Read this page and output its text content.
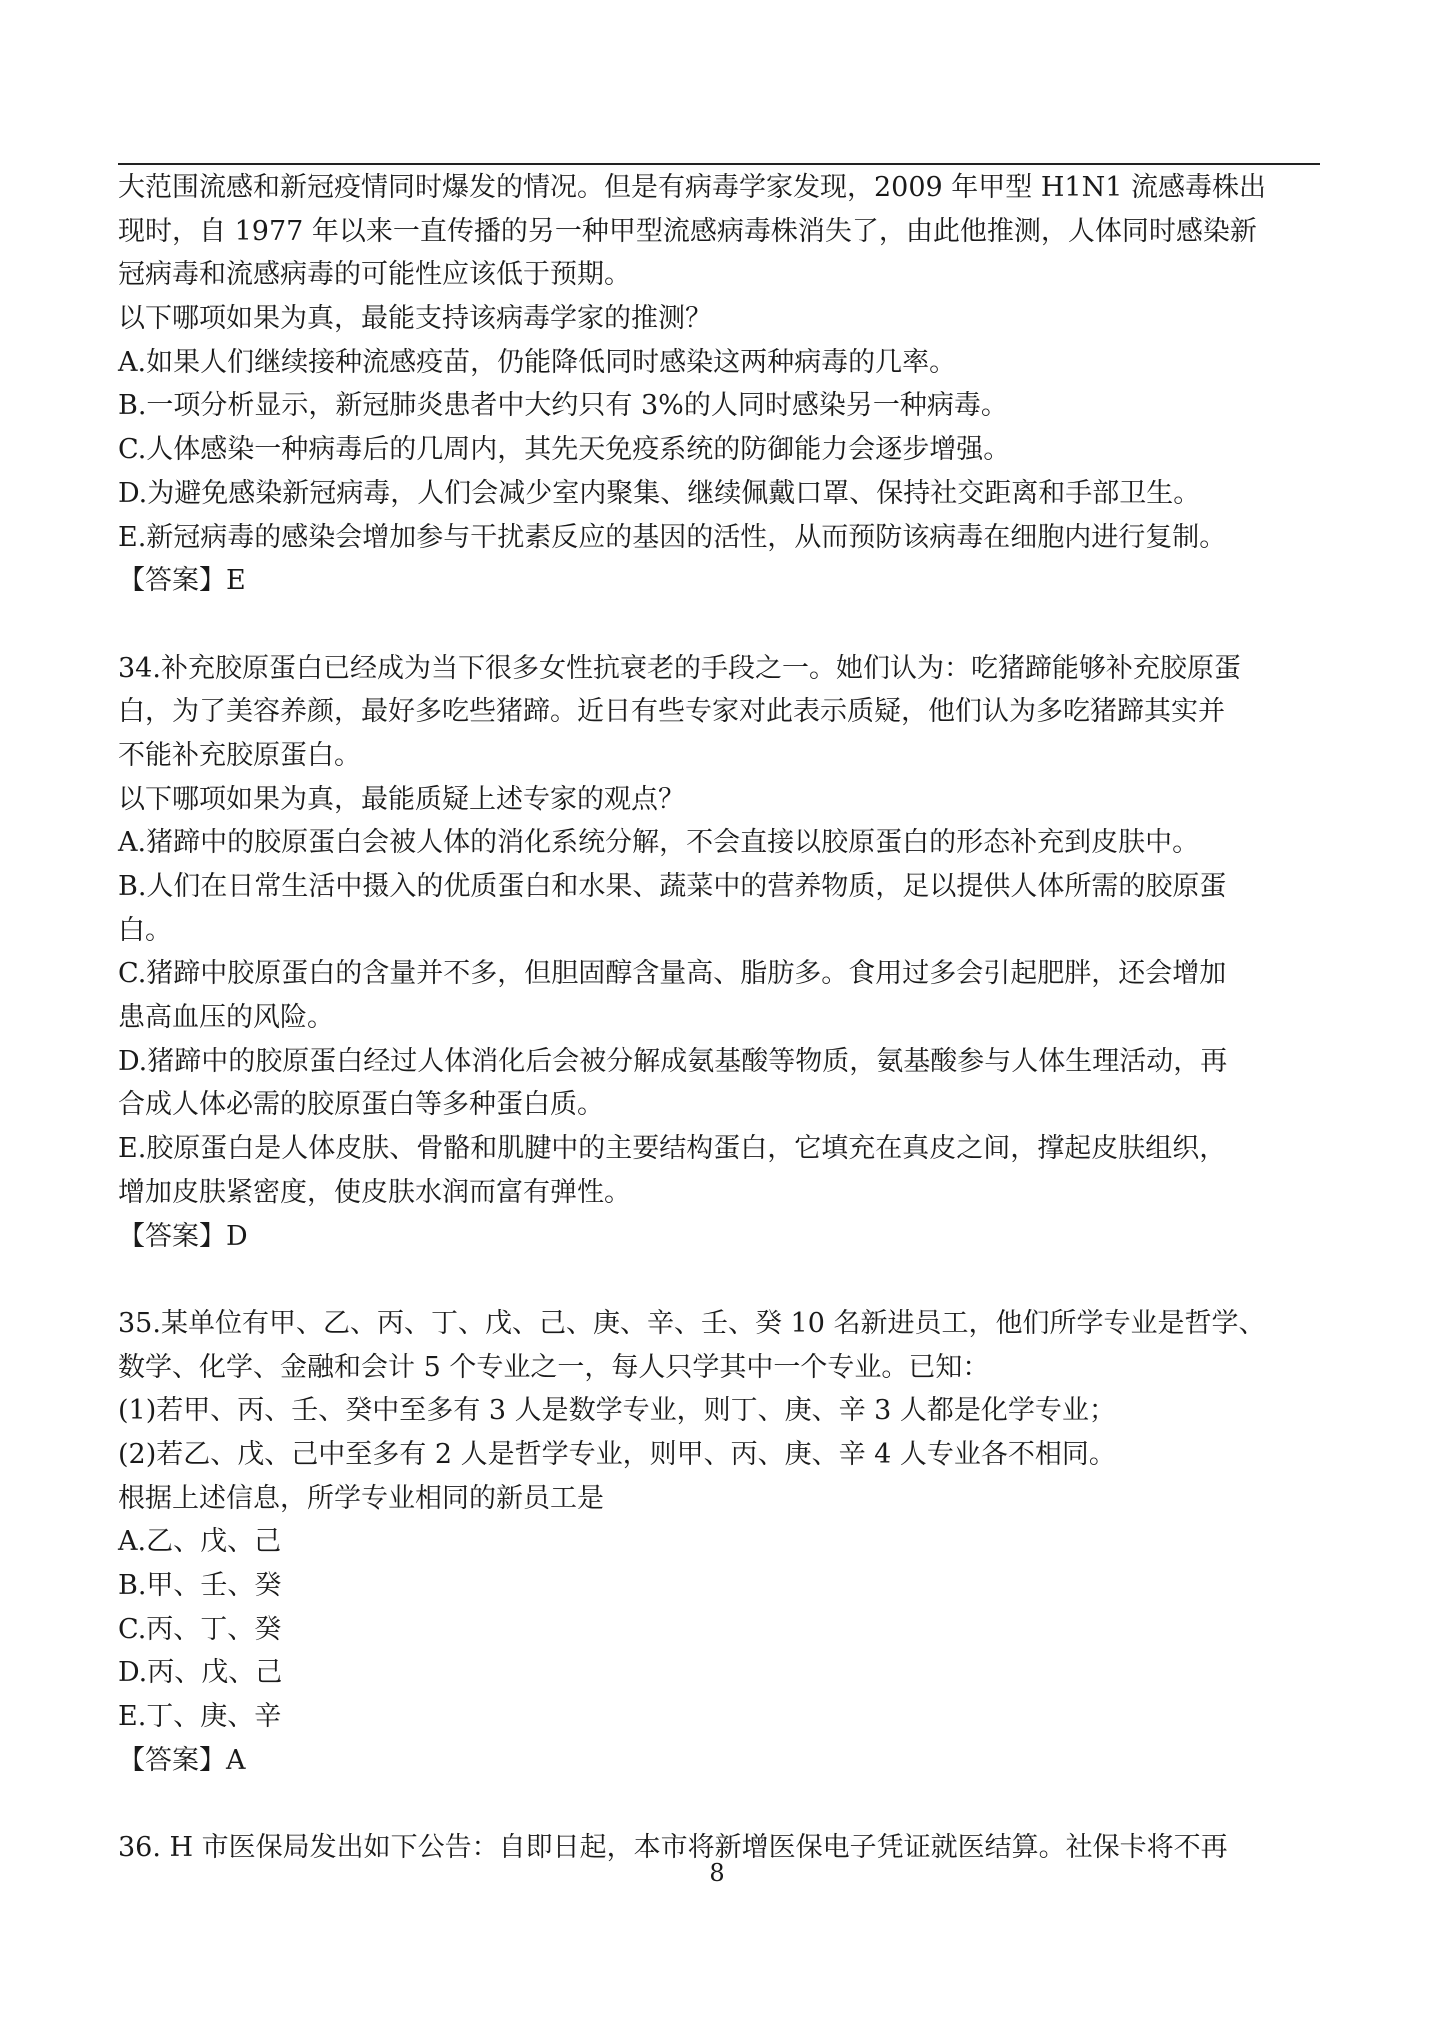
大范围流感和新冠疫情同时爆发的情况。但是有病毒学家发现，2009 年甲型 H1N1 流感毒株出
现时，自 1977 年以来一直传播的另一种甲型流感病毒株消失了，由此他推测，人体同时感染新
冠病毒和流感病毒的可能性应该低于预期。
以下哪项如果为真，最能支持该病毒学家的推测？
A.如果人们继续接种流感疫苗，仍能降低同时感染这两种病毒的几率。
B.一项分析显示，新冠肺炎患者中大约只有 3%的人同时感染另一种病毒。
C.人体感染一种病毒后的几周内，其先天免疫系统的防御能力会逐步增强。
D.为避免感染新冠病毒，人们会减少室内聚集、继续佩戴口罩、保持社交距离和手部卫生。
E.新冠病毒的感染会增加参与干扰素反应的基因的活性，从而预防该病毒在细胞内进行复制。
【答案】E
34.补充胶原蛋白已经成为当下很多女性抗衰老的手段之一。她们认为：吃猪蹄能够补充胶原蛋
白，为了美容养颜，最好多吃些猪蹄。近日有些专家对此表示质疑，他们认为多吃猪蹄其实并
不能补充胶原蛋白。
以下哪项如果为真，最能质疑上述专家的观点？
A.猪蹄中的胶原蛋白会被人体的消化系统分解，不会直接以胶原蛋白的形态补充到皮肤中。
B.人们在日常生活中摄入的优质蛋白和水果、蔬菜中的营养物质，足以提供人体所需的胶原蛋
白。
C.猪蹄中胶原蛋白的含量并不多，但胆固醇含量高、脂肪多。食用过多会引起肥胖，还会增加
患高血压的风险。
D.猪蹄中的胶原蛋白经过人体消化后会被分解成氨基酸等物质，氨基酸参与人体生理活动，再
合成人体必需的胶原蛋白等多种蛋白质。
E.胶原蛋白是人体皮肤、骨骼和肌腱中的主要结构蛋白，它填充在真皮之间，撑起皮肤组织，
增加皮肤紧密度，使皮肤水润而富有弹性。
【答案】D
35.某单位有甲、乙、丙、丁、戊、己、庚、辛、壬、癸 10 名新进员工，他们所学专业是哲学、
数学、化学、金融和会计 5 个专业之一，每人只学其中一个专业。已知：
(1)若甲、丙、壬、癸中至多有 3 人是数学专业，则丁、庚、辛 3 人都是化学专业；
(2)若乙、戊、己中至多有 2 人是哲学专业，则甲、丙、庚、辛 4 人专业各不相同。
根据上述信息，所学专业相同的新员工是
A.乙、戊、己
B.甲、壬、癸
C.丙、丁、癸
D.丙、戊、己
E.丁、庚、辛
【答案】A
36. H 市医保局发出如下公告：自即日起，本市将新增医保电子凭证就医结算。社保卡将不再
8
